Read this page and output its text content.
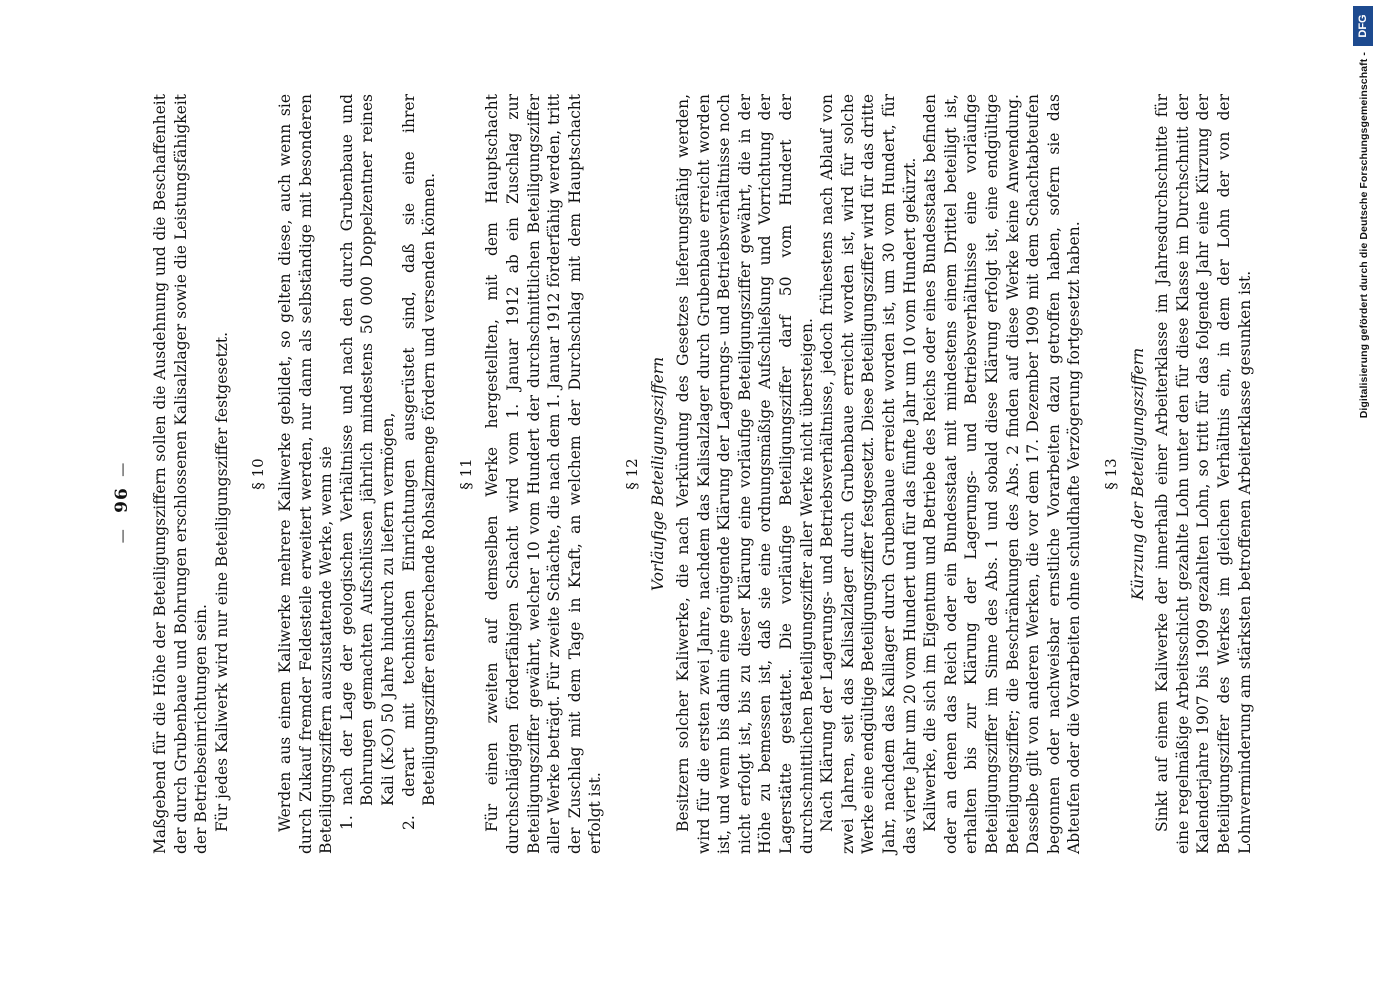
— 96 — Maßgebend für die Höhe der Beteiligungsziffern sollen die Ausdehnung und die Beschaffenheit der durch Grubenbaue und Bohrungen erschlossenen Kalisalzlager sowie die Leistungsfähigkeit der Betriebseinrichtungen sein. Für jedes Kaliwerk wird nur eine Beteiligungsziffer festgesetzt. § 10 Werden aus einem Kaliwerke mehrere Kaliwerke gebildet, so gelten diese, auch wenn sie durch Zukauf fremder Feldesteile erweitert werden, nur dann als selbständige mit besonderen Beteiligungsziffern auszustattende Werke, wenn sie 1. nach der Lage der geologischen Verhältnisse und nach den durch Grubenbaue und Bohrungen gemachten Aufschlüssen jährlich mindestens 50 000 Doppelzentner reines Kali (K₂O) 50 Jahre hindurch zu liefern vermögen, 2. derart mit technischen Einrichtungen ausgerüstet sind, daß sie eine ihrer Beteiligungsziffer entsprechende Rohsalzmenge fördern und versenden können. § 11 Für einen zweiten auf demselben Werke hergestellten, mit dem Hauptschacht durchschlägigen förderfähigen Schacht wird vom 1. Januar 1912 ab ein Zuschlag zur Beteiligungsziffer gewährt, welcher 10 vom Hundert der durchschnittlichen Beteiligungsziffer aller Werke beträgt. Für zweite Schächte, die nach dem 1. Januar 1912 förderfähig werden, tritt der Zuschlag mit dem Tage in Kraft, an welchem der Durchschlag mit dem Hauptschacht erfolgt ist.

§ 12 Vorläufige Beteiligungsziffern Besitzern solcher Kaliwerke, die nach Verkündung des Gesetzes lieferungsfähig werden, wird für die ersten zwei Jahre, nachdem das Kalisalzlager durch Grubenbaue erreicht worden ist, und wenn bis dahin eine genügende Klärung der Lagerungs- und Betriebsverhältnisse noch nicht erfolgt ist, bis zu dieser Klärung eine vorläufige Beteiligungsziffer gewährt, die in der Höhe zu bemessen ist, daß sie eine ordnungsmäßige Aufschließung und Vorrichtung der Lagerstätte gestattet. Die vorläufige Beteiligungsziffer darf 50 vom Hundert der durchschnittlichen Beteiligungsziffer aller Werke nicht übersteigen. Nach Klärung der Lagerungs- und Betriebsverhältnisse, jedoch frühestens nach Ablauf von zwei Jahren, seit das Kalisalzlager durch Grubenbaue erreicht worden ist, wird für solche Werke eine endgültige Beteiligungsziffer festgesetzt. Diese Beteiligungsziffer wird für das dritte Jahr, nachdem das Kalilager durch Grubenbaue erreicht worden ist, um 30 vom Hundert, für das vierte Jahr um 20 vom Hundert und für das fünfte Jahr um 10 vom Hundert gekürzt. Kaliwerke, die sich im Eigentum und Betriebe des Reichs oder eines Bundesstaats befinden oder an denen das Reich oder ein Bundesstaat mit mindestens einem Drittel beteiligt ist, erhalten bis zur Klärung der Lagerungs- und Betriebsverhältnisse eine vorläufige Beteiligungsziffer im Sinne des Abs. 1 und sobald diese Klärung erfolgt ist, eine endgültige Beteiligungsziffer; die Beschränkungen des Abs. 2 finden auf diese Werke keine Anwendung. Dasselbe gilt von anderen Werken, die vor dem 17. Dezember 1909 mit dem Schachtabteufen begonnen oder nachweisbar ernstliche Vorarbeiten dazu getroffen haben, sofern sie das Abteufen oder die Vorarbeiten ohne schuldhafte Verzögerung fortgesetzt haben. § 13 Kürzung der Beteiligungsziffern Sinkt auf einem Kaliwerke der innerhalb einer Arbeiterklasse im Jahresdurchschnitte für eine regelmäßige Arbeitsschicht gezahlte Lohn unter den für diese Klasse im Durchschnitt der Kalenderjahre 1907 bis 1909 gezahlten Lohn, so tritt für das folgende Jahr eine Kürzung der Beteiligungsziffer des Werkes im gleichen Verhältnis ein, in dem der Lohn der von der Lohnverminderung am stärksten betroffenen Arbeiterklasse gesunken ist.

Digitalisierung gefördert durch die Deutsche Forschungsgemeinschaft -
DFG
